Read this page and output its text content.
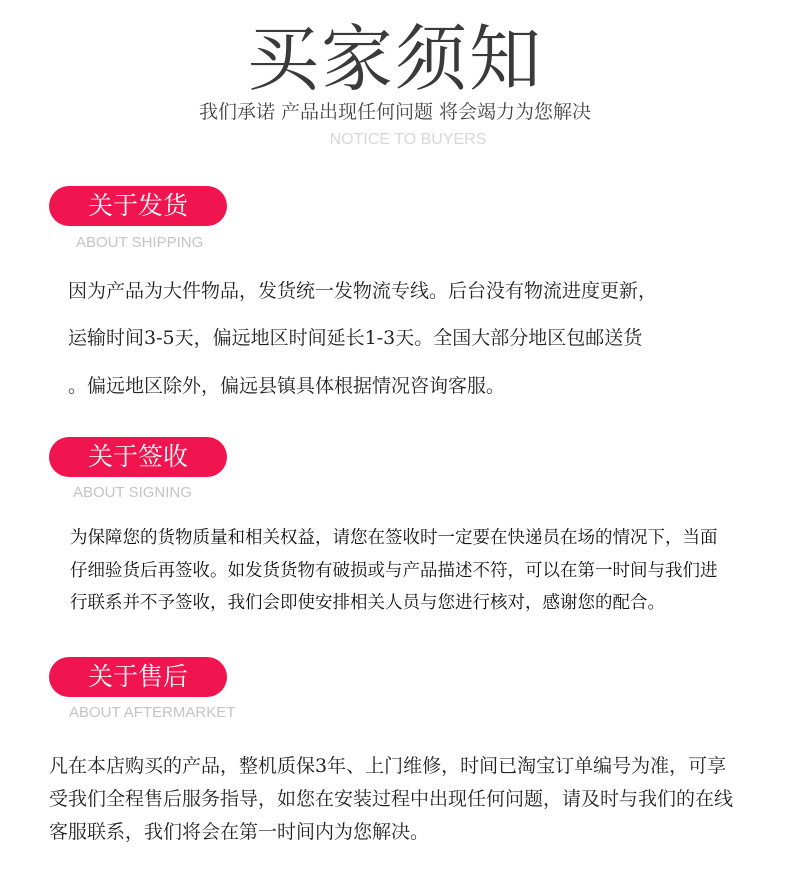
买家须知
我们承诺 产品出现任何问题 将会竭力为您解决
NOTICE TO BUYERS
关于发货
ABOUT SHIPPING
因为产品为大件物品，发货统一发物流专线。后台没有物流进度更新，
运输时间3-5天，偏远地区时间延长1-3天。全国大部分地区包邮送货
。偏远地区除外，偏远县镇具体根据情况咨询客服。
关于签收
ABOUT SIGNING
为保障您的货物质量和相关权益，请您在签收时一定要在快递员在场的情况下，当面
仔细验货后再签收。如发货货物有破损或与产品描述不符，可以在第一时间与我们进
行联系并不予签收，我们会即使安排相关人员与您进行核对，感谢您的配合。
关于售后
ABOUT AFTERMARKET
凡在本店购买的产品，整机质保3年、上门维修，时间已淘宝订单编号为准，可享
受我们全程售后服务指导，如您在安装过程中出现任何问题，请及时与我们的在线
客服联系，我们将会在第一时间内为您解决。
